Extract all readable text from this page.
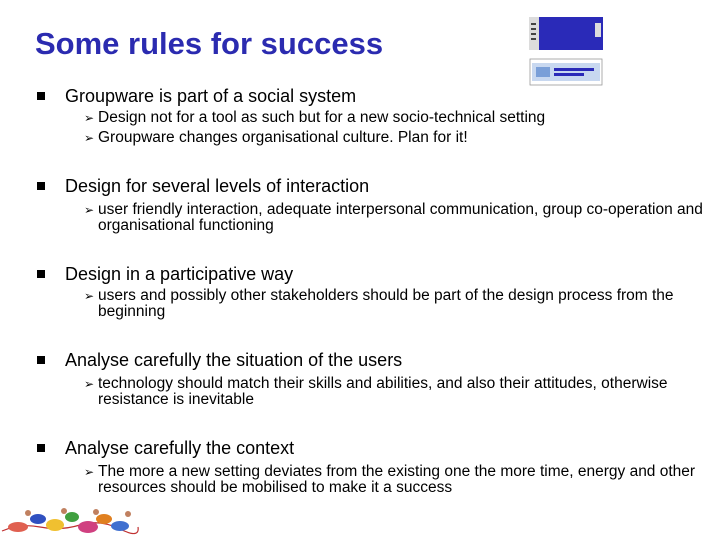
Some rules for success
Groupware is part of a social system
➢ Design not for a tool as such but for a new socio-technical setting
➢ Groupware changes organisational culture. Plan for it!
Design for several levels of interaction
➢ user friendly interaction, adequate interpersonal communication, group co-operation and organisational functioning
Design in a participative way
➢ users and possibly other stakeholders should be part of the design process from the beginning
Analyse carefully the situation of the users
➢ technology should match their skills and abilities, and also their attitudes, otherwise resistance is inevitable
Analyse carefully the context
➢ The more a new setting deviates from the existing one the more time, energy and other resources should be mobilised to make it a success
